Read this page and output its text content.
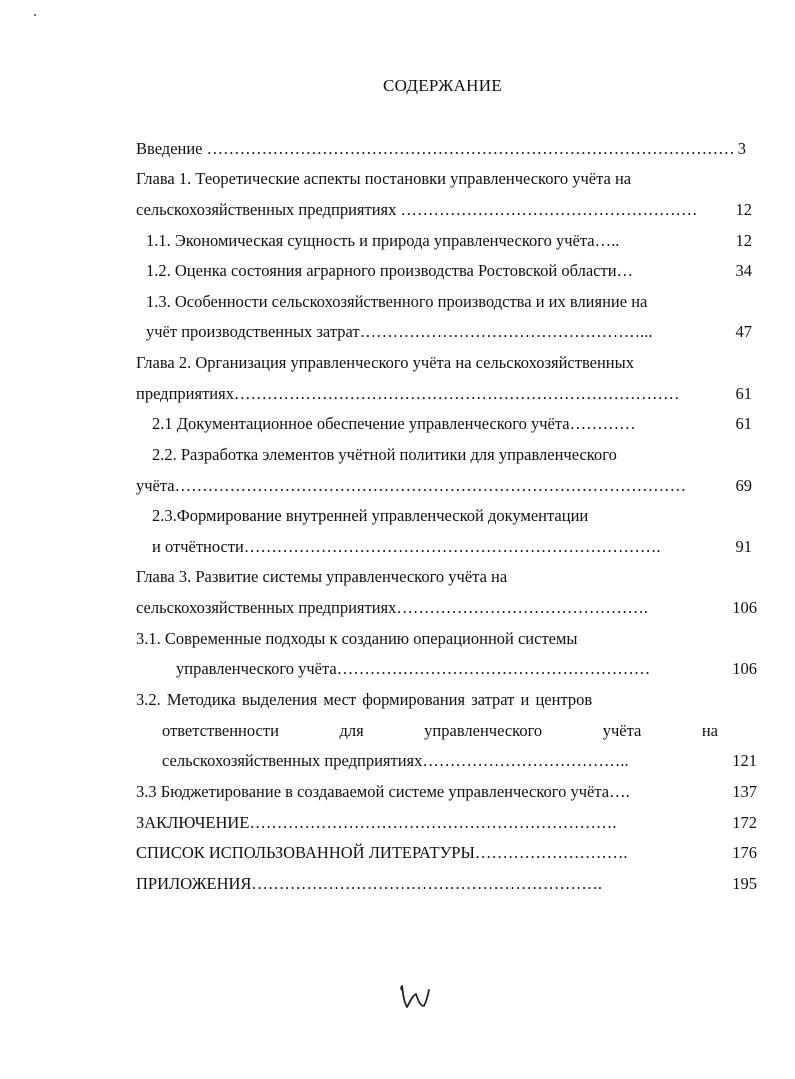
СОДЕРЖАНИЕ
Введение …………………………………………………………………………………… 3
Глава 1. Теоретические аспекты постановки управленческого учёта на
сельскохозяйственных предприятиях ………………………………………………	12
1.1. Экономическая сущность и природа управленческого учёта…..	12
1.2. Оценка состояния аграрного производства Ростовской области…	34
1.3. Особенности сельскохозяйственного производства и их влияние на
учёт производственных затрат……………………………………………...	47
Глава 2. Организация управленческого учёта на сельскохозяйственных
предприятиях………………………………………………………………………	61
2.1 Документационное обеспечение управленческого учёта…………	61
2.2. Разработка элементов учётной политики для управленческого
учёта…………………………………………………………………………………	69
2.3.Формирование внутренней управленческой документации
и отчётности………………………………………………………………….	91
Глава 3. Развитие системы управленческого учёта на
сельскохозяйственных предприятиях……………………………………….	106
3.1. Современные подходы к созданию операционной системы
управленческого учёта…………………………………………………	106
3.2. Методика выделения мест формирования затрат и центров
ответственности	для	управленческого	учёта	на
сельскохозяйственных предприятиях………………………………..	121
3.3 Бюджетирование в создаваемой системе управленческого учёта….	137
ЗАКЛЮЧЕНИЕ………………………………………………………….	172
СПИСОК ИСПОЛЬЗОВАННОЙ ЛИТЕРАТУРЫ……………………….	176
ПРИЛОЖЕНИЯ……………………………………………………….	195
